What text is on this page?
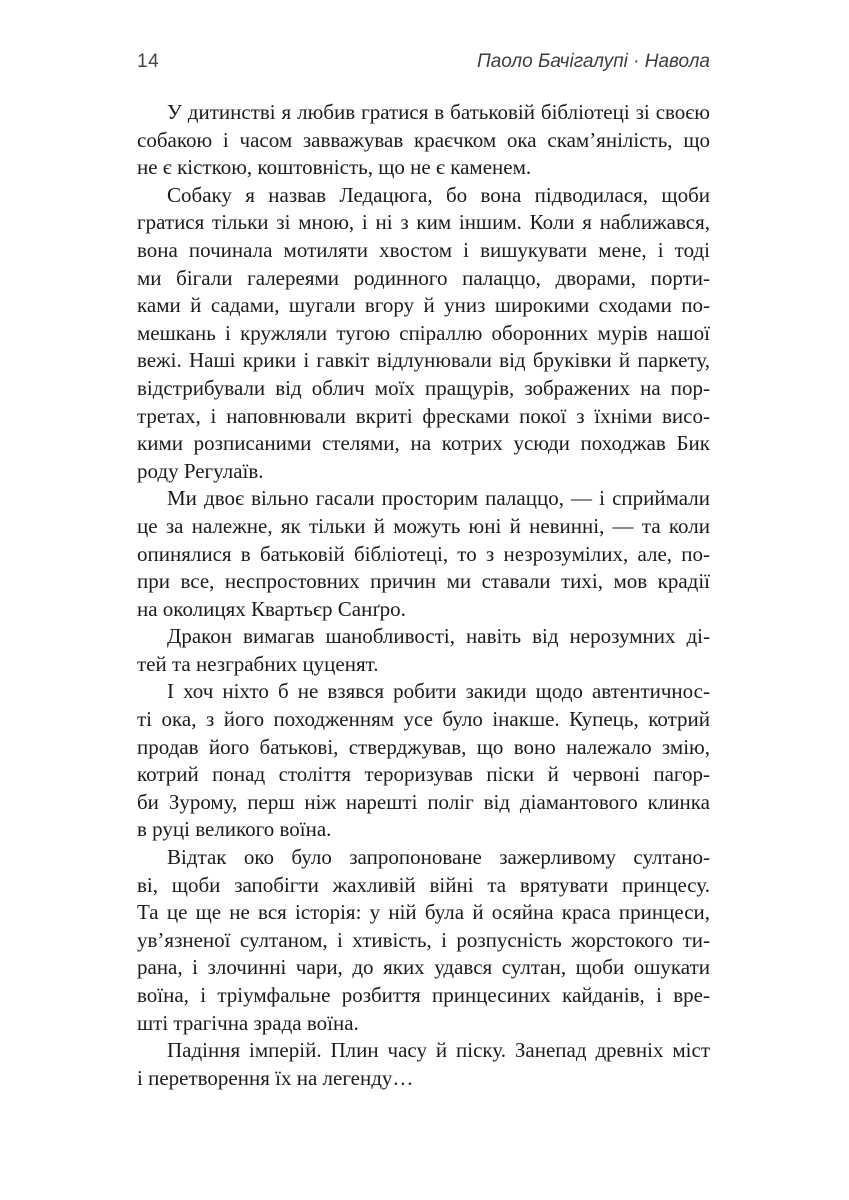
14	Паоло Бачігалупі · Навола
У дитинстві я любив гратися в батьковій бібліотеці зі своєю
собакою і часом завважував краєчком ока скам’янілість, що
не є кісткою, коштовність, що не є каменем.
Собаку я назвав Ледацюга, бо вона підводилася, щоби
гратися тільки зі мною, і ні з ким іншим. Коли я наближався,
вона починала мотиляти хвостом і вишукувати мене, і тоді
ми бігали галереями родинного палаццо, дворами, порти-
ками й садами, шугали вгору й униз широкими сходами по-
мешкань і кружляли тугою спіраллю оборонних мурів нашої
вежі. Наші крики і гавкіт відлунювали від бруківки й паркету,
відстрибували від облич моїх пращурів, зображених на пор-
третах, і наповнювали вкриті фресками покої з їхніми висо-
кими розписаними стелями, на котрих усюди походжав Бик
роду Регулаїв.
Ми двоє вільно гасали просторим палаццо, — і сприймали
це за належне, як тільки й можуть юні й невинні, — та коли
опинялися в батьковій бібліотеці, то з незрозумілих, але, по-
при все, неспростовних причин ми ставали тихі, мов крадії
на околицях Квартьєр Санґро.
Дракон вимагав шанобливості, навіть від нерозумних ді-
тей та незграбних цуценят.
І хоч ніхто б не взявся робити закиди щодо автентичнос-
ті ока, з його походженням усе було інакше. Купець, котрий
продав його батькові, стверджував, що воно належало змію,
котрий понад століття тероризував піски й червоні пагор-
би Зурому, перш ніж нарешті поліг від діамантового клинка
в руці великого воїна.
Відтак око було запропоноване зажерливому султано-
ві, щоби запобігти жахливій війні та врятувати принцесу.
Та це ще не вся історія: у ній була й осяйна краса принцеси,
ув’язненої султаном, і хтивість, і розпусність жорстокого ти-
рана, і злочинні чари, до яких удався султан, щоби ошукати
воїна, і тріумфальне розбиття принцесиних кайданів, і вре-
шті трагічна зрада воїна.
Падіння імперій. Плин часу й піску. Занепад древніх міст
і перетворення їх на легенду…
